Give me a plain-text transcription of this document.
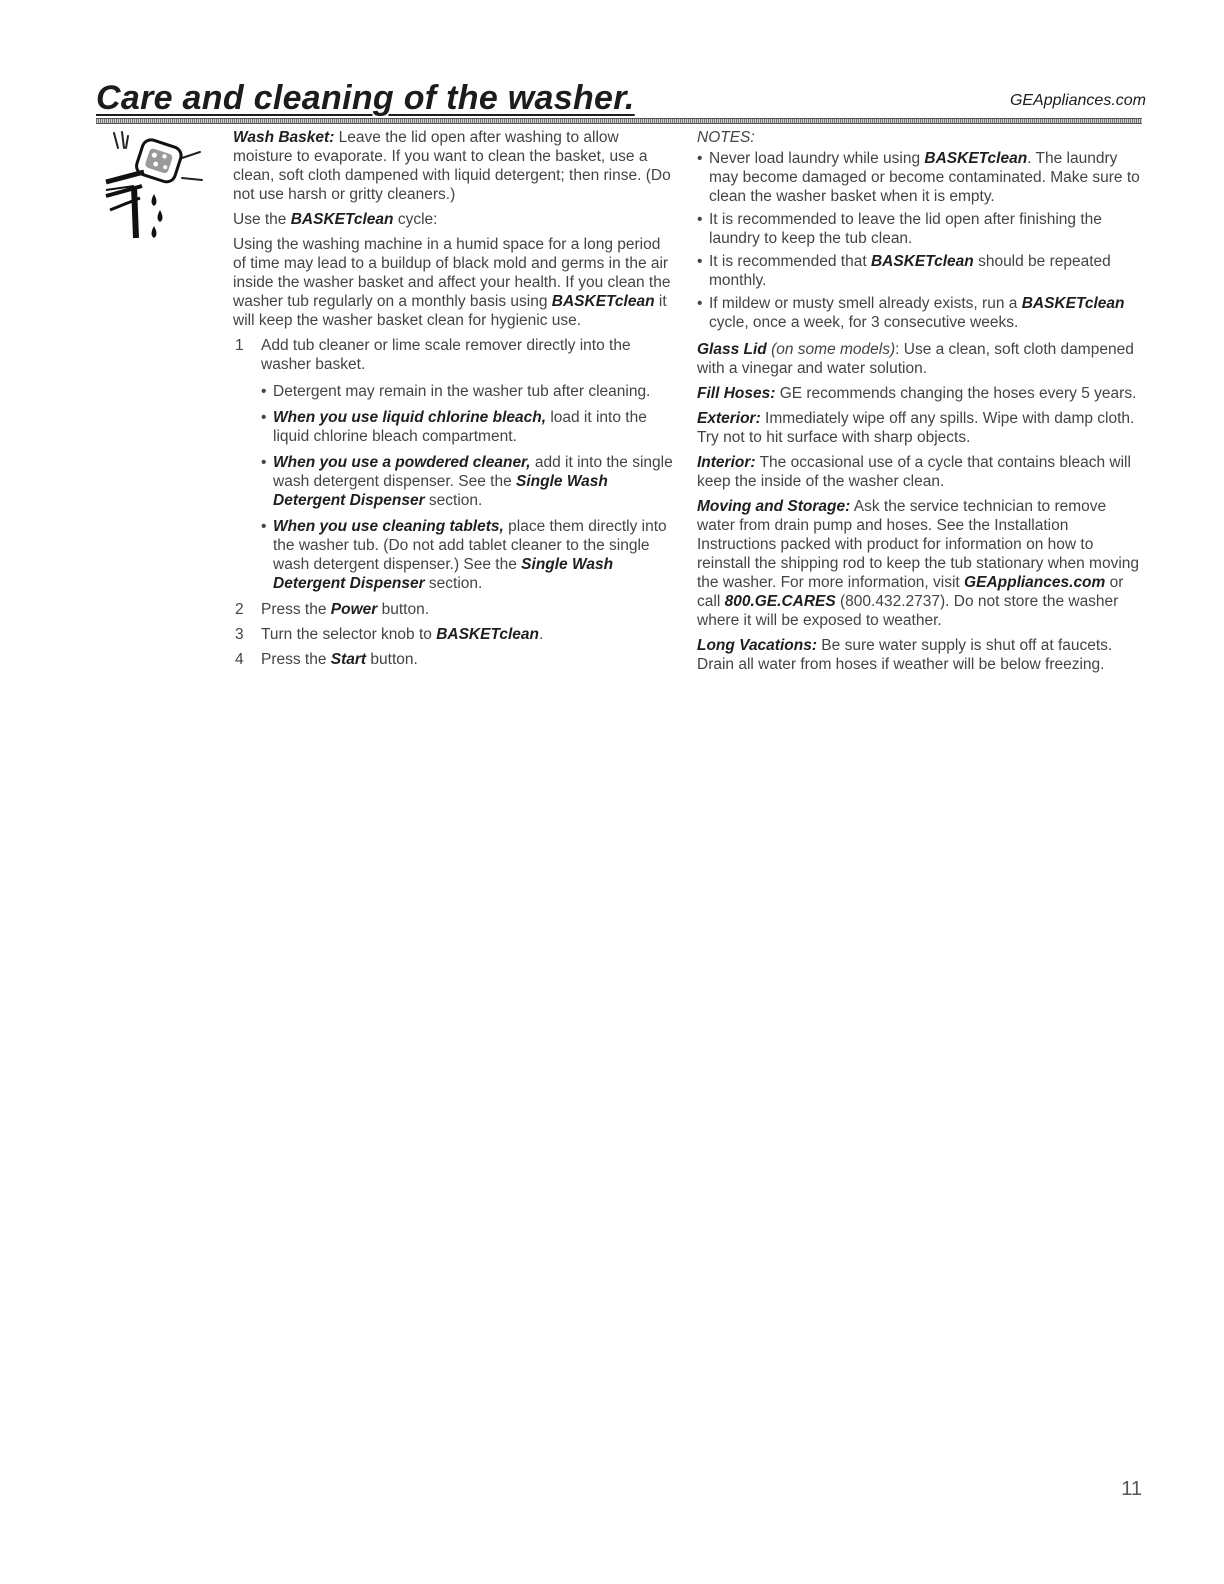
Care and cleaning of the washer.	GEAppliances.com

Wash Basket: Leave the lid open after washing to allow moisture to evaporate. If you want to clean the basket, use a clean, soft cloth dampened with liquid detergent; then rinse. (Do not use harsh or gritty cleaners.)

Use the BASKETclean cycle:

Using the washing machine in a humid space for a long period of time may lead to a buildup of black mold and germs in the air inside the washer basket and affect your health. If you clean the washer tub regularly on a monthly basis using BASKETclean it will keep the washer basket clean for hygienic use.

1 Add tub cleaner or lime scale remover directly into the washer basket.
• Detergent may remain in the washer tub after cleaning.
• When you use liquid chlorine bleach, load it into the liquid chlorine bleach compartment.
• When you use a powdered cleaner, add it into the single wash detergent dispenser. See the Single Wash Detergent Dispenser section.
• When you use cleaning tablets, place them directly into the washer tub. (Do not add tablet cleaner to the single wash detergent dispenser.) See the Single Wash Detergent Dispenser section.
2 Press the Power button.
3 Turn the selector knob to BASKETclean.
4 Press the Start button.

NOTES:

• Never load laundry while using BASKETclean. The laundry may become damaged or become contaminated. Make sure to clean the washer basket when it is empty.
• It is recommended to leave the lid open after finishing the laundry to keep the tub clean.
• It is recommended that BASKETclean should be repeated monthly.
• If mildew or musty smell already exists, run a BASKETclean cycle, once a week, for 3 consecutive weeks.

Glass Lid (on some models): Use a clean, soft cloth dampened with a vinegar and water solution.

Fill Hoses: GE recommends changing the hoses every 5 years.

Exterior: Immediately wipe off any spills. Wipe with damp cloth. Try not to hit surface with sharp objects.

Interior: The occasional use of a cycle that contains bleach will keep the inside of the washer clean.

Moving and Storage: Ask the service technician to remove water from drain pump and hoses. See the Installation Instructions packed with product for information on how to reinstall the shipping rod to keep the tub stationary when moving the washer. For more information, visit GEAppliances.com or call 800.GE.CARES (800.432.2737). Do not store the washer where it will be exposed to weather.

Long Vacations: Be sure water supply is shut off at faucets. Drain all water from hoses if weather will be below freezing.

11
